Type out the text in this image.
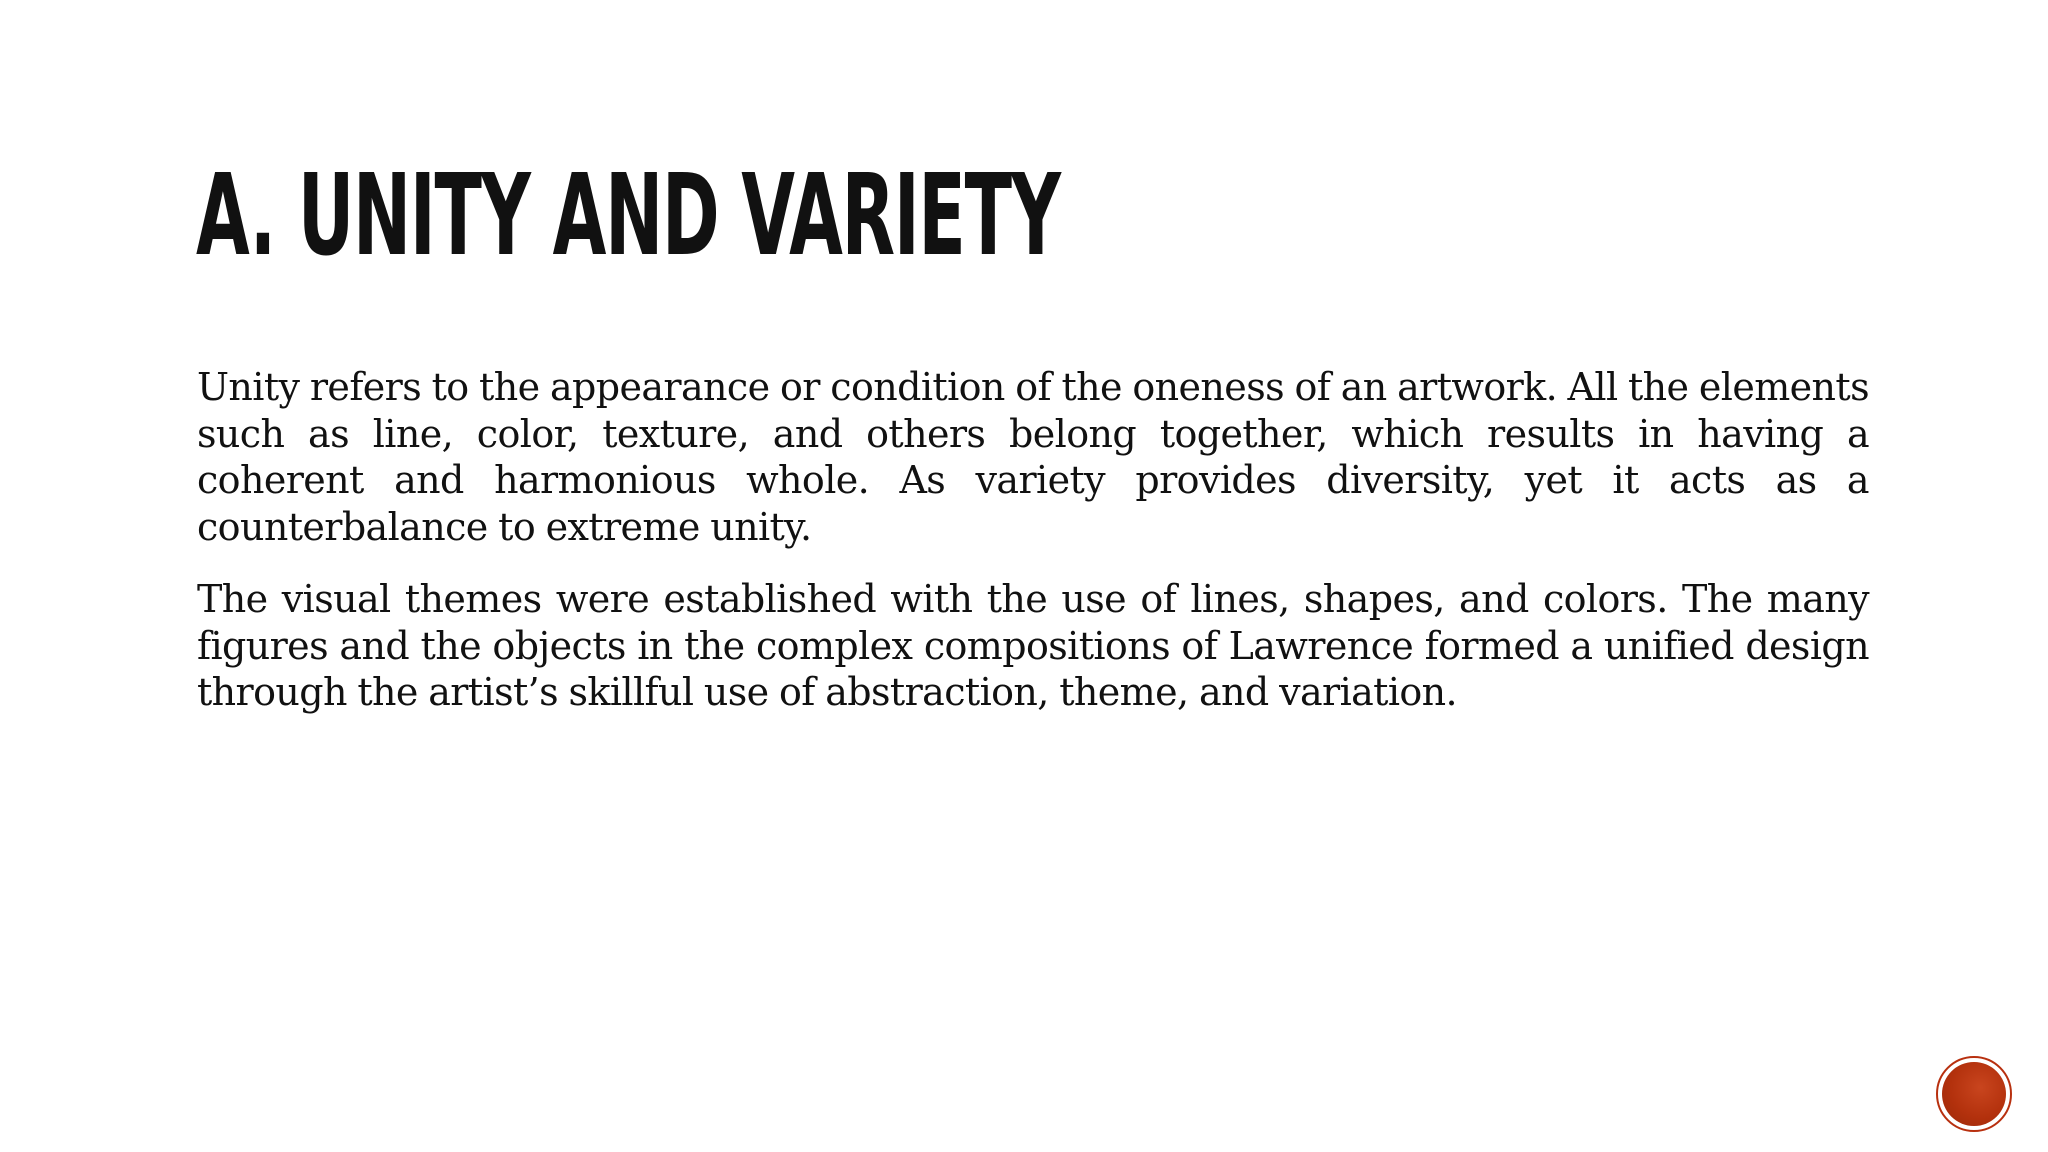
A. UNITY AND VARIETY

Unity refers to the appearance or condition of the oneness of an artwork. All the elements such as line, color, texture, and others belong together, which results in having a coherent and harmonious whole. As variety provides diversity, yet it acts as a counterbalance to extreme unity.

The visual themes were established with the use of lines, shapes, and colors. The many figures and the objects in the complex compositions of Lawrence formed a unified design through the artist’s skillful use of abstraction, theme, and variation.
